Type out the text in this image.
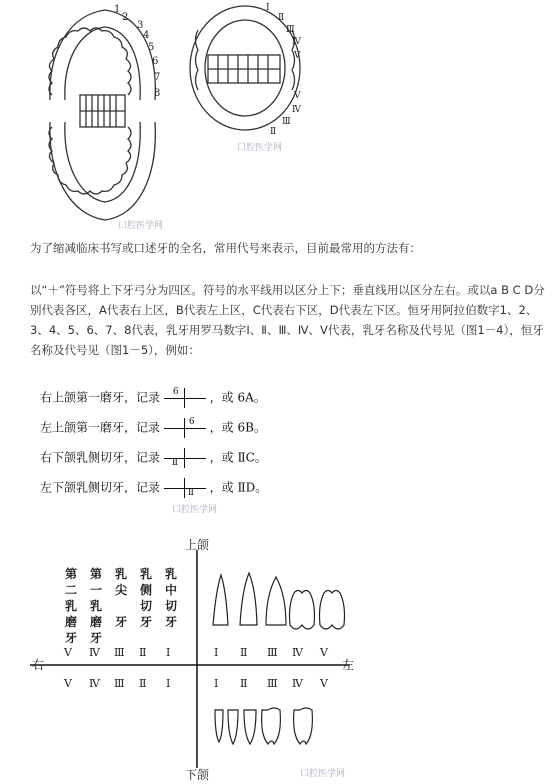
1
2
3
4
5
6
7
8
Ⅰ
Ⅱ
Ⅲ
Ⅳ
Ⅴ
Ⅴ
Ⅳ
Ⅲ
Ⅱ
口腔医学网
口腔医学网
为了缩减临床书写或口述牙的全名，常用代号来表示，目前最常用的方法有：
以“＋”符号将上下牙弓分为四区。符号的水平线用以区分上下；垂直线用以区分左右。或以a B C D分别代表各区，A代表右上区，B代表左上区，C代表右下区，D代表左下区。恒牙用阿拉伯数字1、2、3、4、5、6、7、8代表，乳牙用罗马数字Ⅰ、Ⅱ、Ⅲ、Ⅳ、Ⅴ代表，乳牙名称及代号见（图1－4），恒牙名称及代号见（图1－5），例如：
右上颌第一磨牙，记录 6	，或 6A。
左上颌第一磨牙，记录	6 ，或 6B。
右下颌乳侧切牙，记录 Ⅱ	，或 ⅡC。
左下颌乳侧切牙，记录	Ⅱ ，或 ⅡD。
口腔医学网
上颌
下颌
右	左
第
二
乳
磨
牙
第
一
乳
磨
牙
乳
尖
牙
乳
侧
切
牙
乳
中
切
牙
Ⅴ Ⅳ Ⅲ Ⅱ Ⅰ
Ⅴ Ⅳ Ⅲ Ⅱ Ⅰ
Ⅰ Ⅱ Ⅲ Ⅳ Ⅴ
Ⅰ Ⅱ Ⅲ Ⅳ Ⅴ
口腔医学网
